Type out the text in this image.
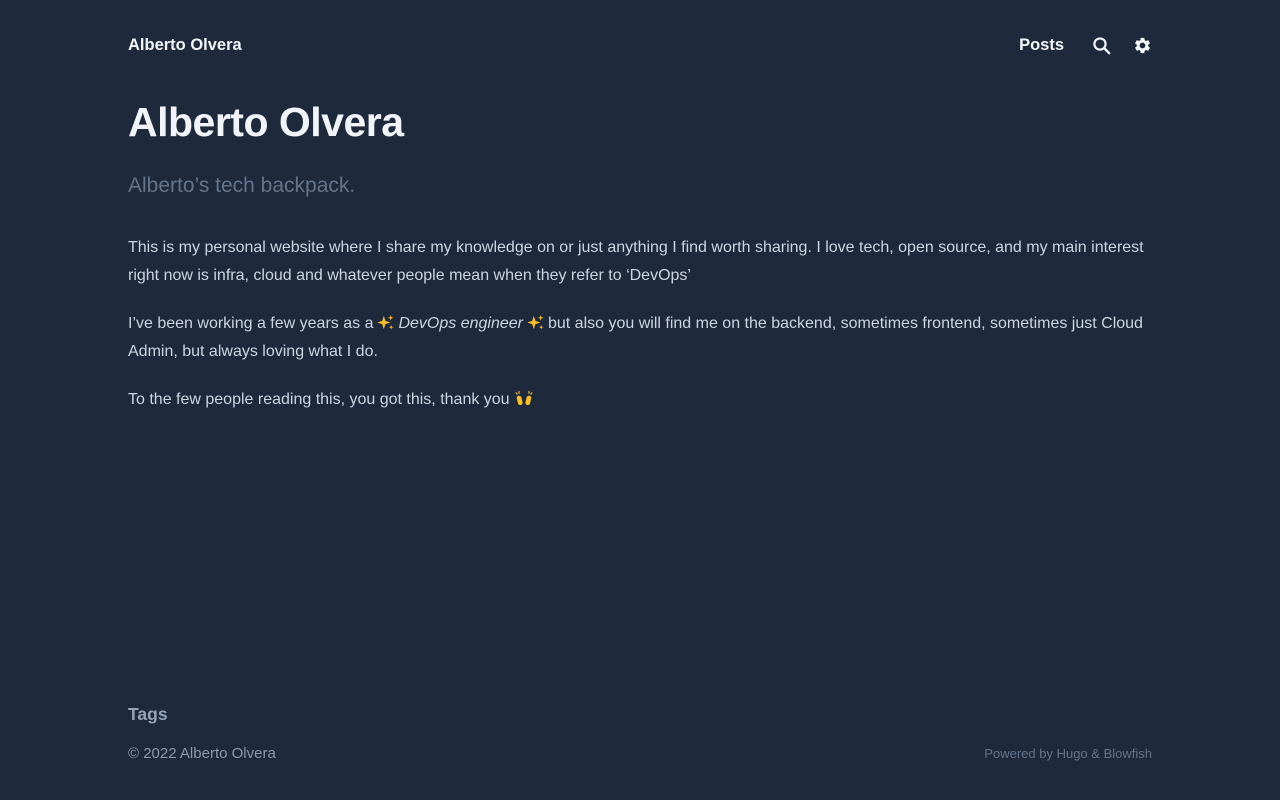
Alberto Olvera	Posts
Alberto Olvera
Alberto’s tech backpack.

This is my personal website where I share my knowledge on or just anything I find worth sharing. I love tech, open source, and my main interest right now is infra, cloud and whatever people mean when they refer to ‘DevOps’

I’ve been working a few years as a DevOps engineer but also you will find me on the backend, sometimes frontend, sometimes just Cloud Admin, but always loving what I do.

To the few people reading this, you got this, thank you

Tags
© 2022 Alberto Olvera	Powered by Hugo & Blowfish
